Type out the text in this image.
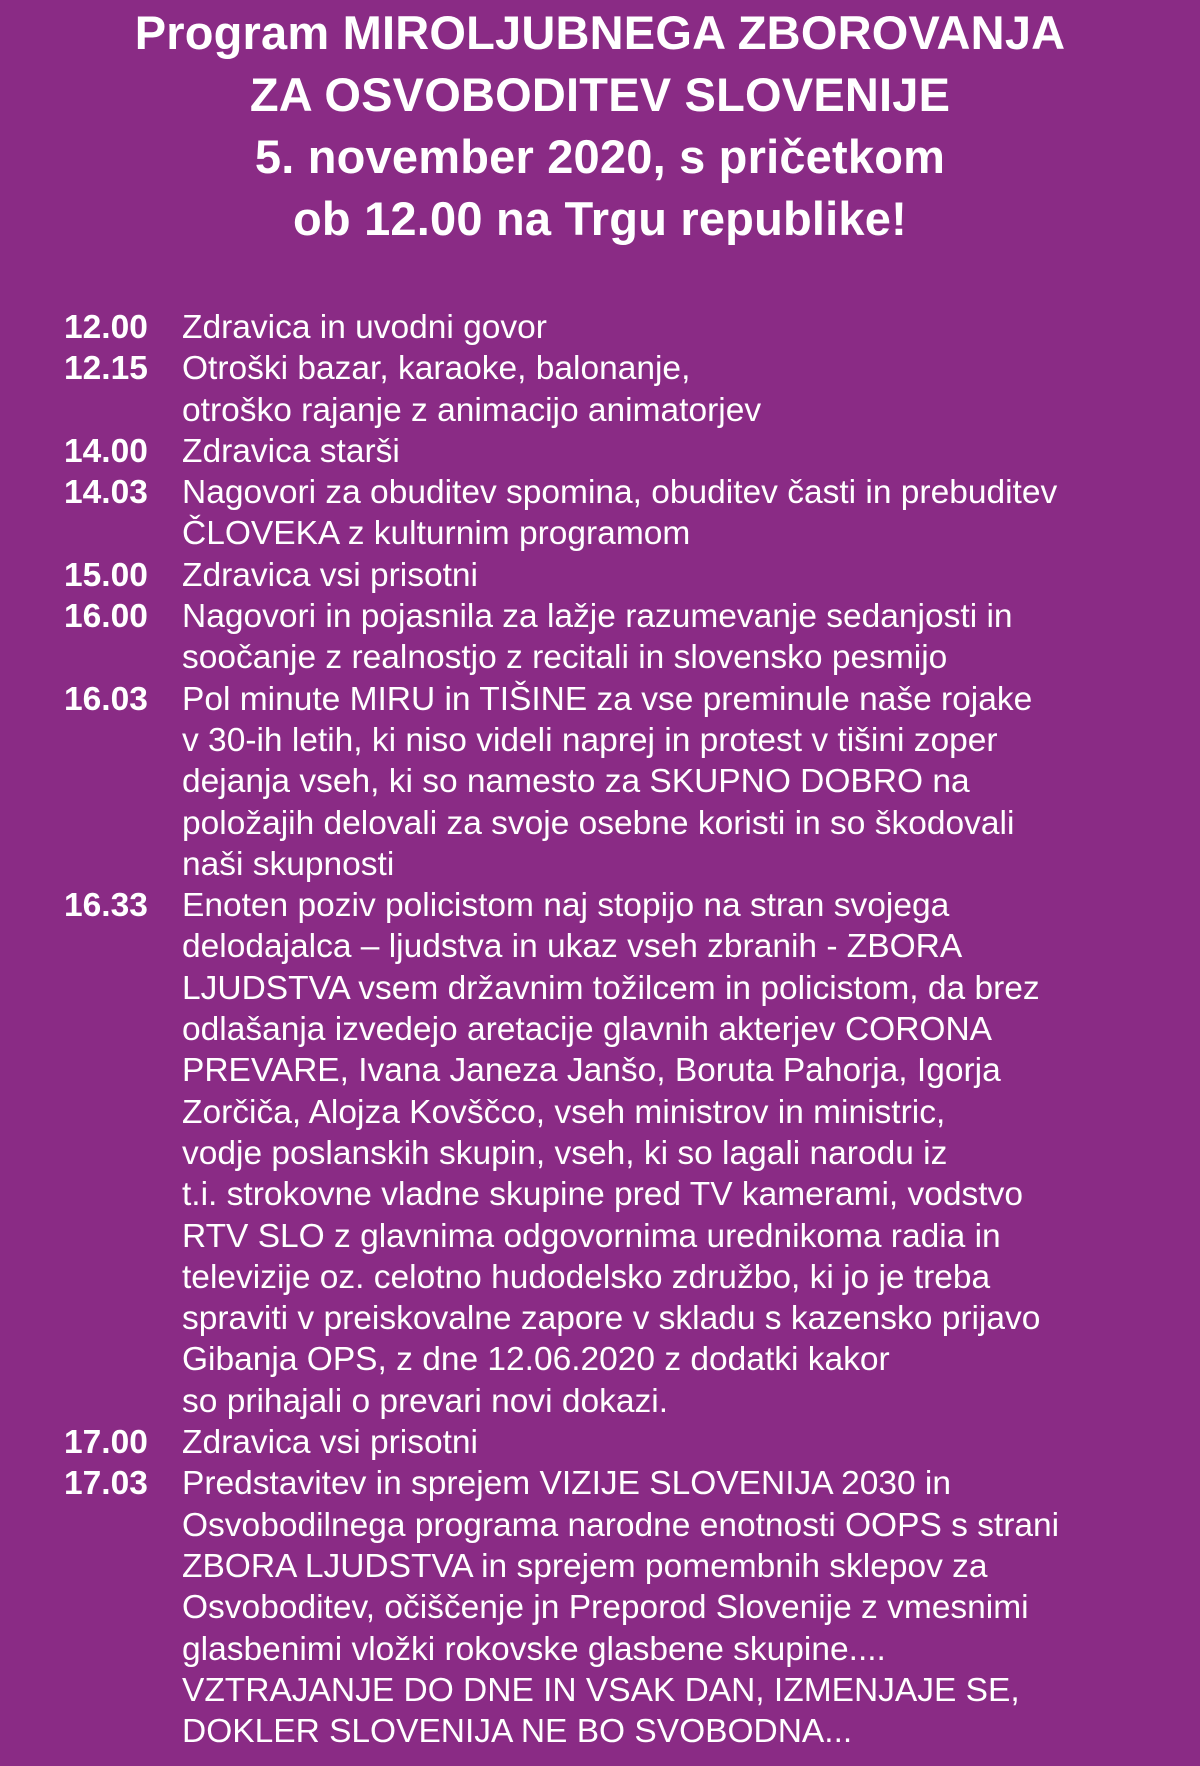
Program MIROLJUBNEGA ZBOROVANJA
ZA OSVOBODITEV SLOVENIJE
5. november 2020, s pričetkom
ob 12.00 na Trgu republike!
12.00	Zdravica in uvodni govor
12.15	Otroški bazar, karaoke, balonanje,
otroško rajanje z animacijo animatorjev
14.00	Zdravica starši
14.03	Nagovori za obuditev spomina, obuditev časti in prebuditev
ČLOVEKA z kulturnim programom
15.00	Zdravica vsi prisotni
16.00	Nagovori in pojasnila za lažje razumevanje sedanjosti in
soočanje z realnostjo z recitali in slovensko pesmijo
16.03	Pol minute MIRU in TIŠINE za vse preminule naše rojake
v 30-ih letih, ki niso videli naprej in protest v tišini zoper
dejanja vseh, ki so namesto za SKUPNO DOBRO na
položajih delovali za svoje osebne koristi in so škodovali
naši skupnosti
16.33	Enoten poziv policistom naj stopijo na stran svojega
delodajalca – ljudstva in ukaz vseh zbranih - ZBORA
LJUDSTVA vsem državnim tožilcem in policistom, da brez
odlašanja izvedejo aretacije glavnih akterjev CORONA
PREVARE, Ivana Janeza Janšo, Boruta Pahorja, Igorja
Zorčiča, Alojza Kovščco, vseh ministrov in ministric,
vodje poslanskih skupin, vseh, ki so lagali narodu iz
t.i. strokovne vladne skupine pred TV kamerami, vodstvo
RTV SLO z glavnima odgovornima urednikoma radia in
televizije oz. celotno hudodelsko združbo, ki jo je treba
spraviti v preiskovalne zapore v skladu s kazensko prijavo
Gibanja OPS, z dne 12.06.2020 z dodatki kakor
so prihajali o prevari novi dokazi.
17.00	Zdravica vsi prisotni
17.03	Predstavitev in sprejem VIZIJE SLOVENIJA 2030 in
Osvobodilnega programa narodne enotnosti OOPS s strani
ZBORA LJUDSTVA in sprejem pomembnih sklepov za
Osvoboditev, očiščenje jn Preporod Slovenije z vmesnimi
glasbenimi vložki rokovske glasbene skupine....
VZTRAJANJE DO DNE IN VSAK DAN, IZMENJAJE SE,
DOKLER SLOVENIJA NE BO SVOBODNA...
